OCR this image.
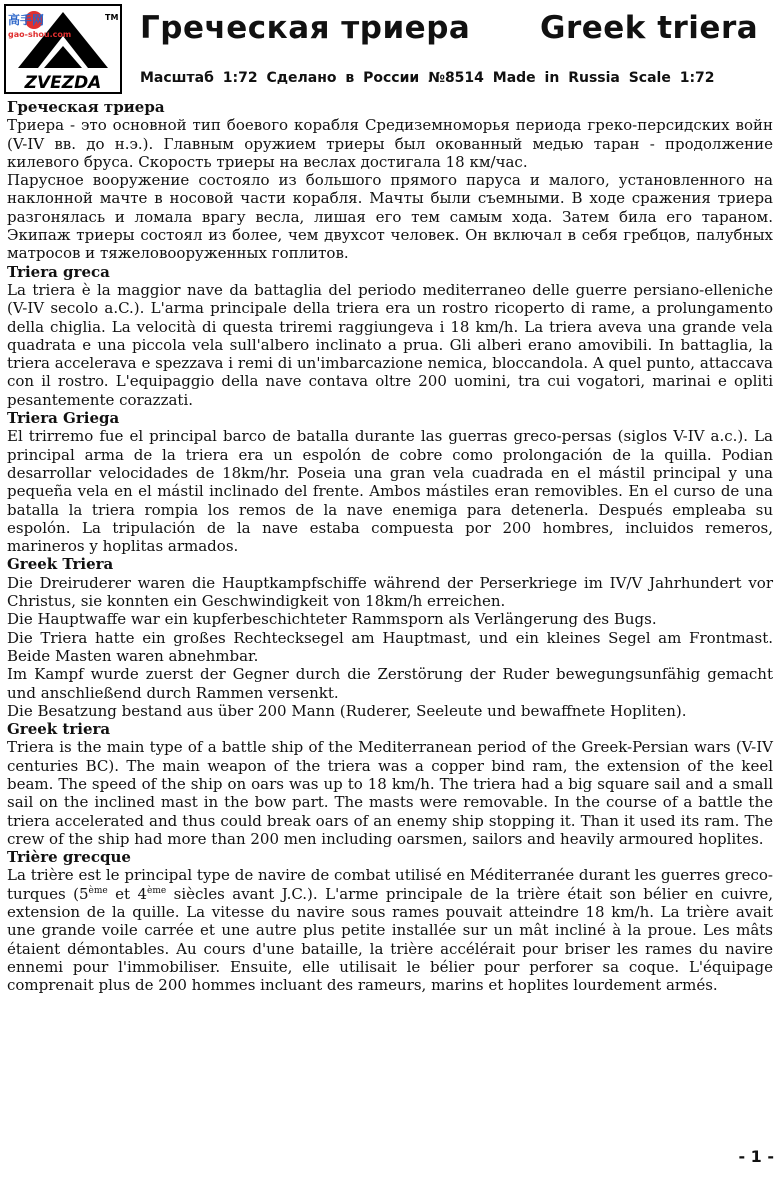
TM
ZVEZDA
高手网
gao-shou.com Греческая триера Greek triera
Масштаб 1:72 Сделано в России №8514 Made in Russia Scale 1:72

Греческая триера

Триера - это основной тип боевого корабля Средиземноморья периода греко-персидских войн (V-IV вв. до н.э.). Главным оружием триеры был окованный медью таран - продолжение килевого бруса. Скорость триеры на веслах достигала 18 км/час.

Парусное вооружение состояло из большого прямого паруса и малого, установленного на наклонной мачте в носовой части корабля. Мачты были съемными. В ходе сражения триера разгонялась и ломала врагу весла, лишая его тем самым хода. Затем била его тараном. Экипаж триеры состоял из более, чем двухсот человек. Он включал в себя гребцов, палубных матросов и тяжеловооруженных гоплитов.

Triera greca

La triera è la maggior nave da battaglia del periodo mediterraneo delle guerre persiano-elleniche (V-IV secolo a.C.). L'arma principale della triera era un rostro ricoperto di rame, a prolungamento della chiglia. La velocità di questa triremi raggiungeva i 18 km/h. La triera aveva una grande vela quadrata e una piccola vela sull'albero inclinato a prua. Gli alberi erano amovibili. In battaglia, la triera accelerava e spezzava i remi di un'imbarcazione nemica, bloccandola. A quel punto, attaccava con il rostro. L'equipaggio della nave contava oltre 200 uomini, tra cui vogatori, marinai e opliti pesantemente corazzati.

Triera Griega

El trirremo fue el principal barco de batalla durante las guerras greco-persas (siglos V-IV a.c.). La principal arma de la triera era un espolón de cobre como prolongación de la quilla. Podian desarrollar velocidades de 18km/hr. Poseia una gran vela cuadrada en el mástil principal y una pequeña vela en el mástil inclinado del frente. Ambos mástiles eran removibles. En el curso de una batalla la triera rompia los remos de la nave enemiga para detenerla. Después empleaba su espolón. La tripulación de la nave estaba compuesta por 200 hombres, incluidos remeros, marineros y hoplitas armados.

Greek Triera

Die Dreiruderer waren die Hauptkampfschiffe während der Perserkriege im IV/V Jahrhundert vor Christus, sie konnten ein Geschwindigkeit von 18km/h erreichen.

Die Hauptwaffe war ein kupferbeschichteter Rammsporn als Verlängerung des Bugs.

Die Triera hatte ein großes Rechtecksegel am Hauptmast, und ein kleines Segel am Frontmast. Beide Masten waren abnehmbar.

Im Kampf wurde zuerst der Gegner durch die Zerstörung der Ruder bewegungsunfähig gemacht und anschließend durch Rammen versenkt.

Die Besatzung bestand aus über 200 Mann (Ruderer, Seeleute und bewaffnete Hopliten).

Greek triera

Triera is the main type of a battle ship of the Mediterranean period of the Greek-Persian wars (V-IV centuries BC). The main weapon of the triera was a copper bind ram, the extension of the keel beam. The speed of the ship on oars was up to 18 km/h. The triera had a big square sail and a small sail on the inclined mast in the bow part. The masts were removable. In the course of a battle the triera accelerated and thus could break oars of an enemy ship stopping it. Than it used its ram. The crew of the ship had more than 200 men including oarsmen, sailors and heavily armoured hoplites.

Trière grecque

La trière est le principal type de navire de combat utilisé en Méditerranée durant les guerres greco-turques (5ème et 4ème siècles avant J.C.). L'arme principale de la trière était son bélier en cuivre, extension de la quille. La vitesse du navire sous rames pouvait atteindre 18 km/h. La trière avait une grande voile carrée et une autre plus petite installée sur un mât incliné à la proue. Les mâts étaient démontables. Au cours d'une bataille, la trière accélérait pour briser les rames du navire ennemi pour l'immobiliser. Ensuite, elle utilisait le bélier pour perforer sa coque. L'équipage comprenait plus de 200 hommes incluant des rameurs, marins et hoplites lourdement armés.

- 1 -
